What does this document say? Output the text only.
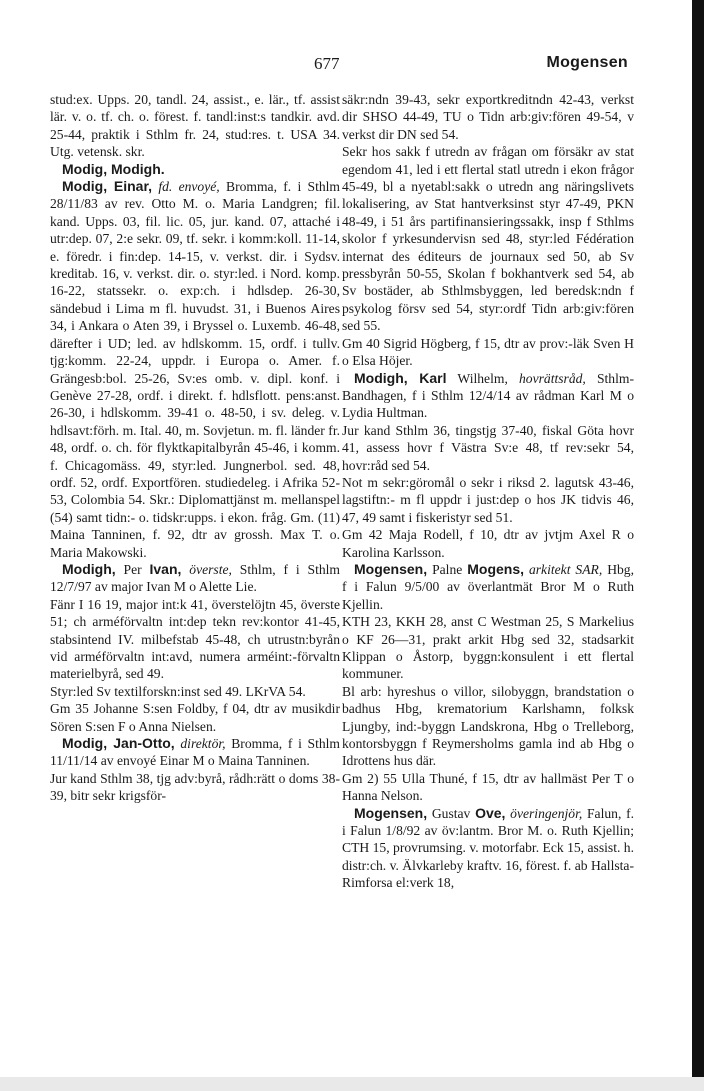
677	Mogensen

stud:ex. Upps. 20, tandl. 24, assist., e. lär., tf. assist lär. v. o. tf. ch. o. förest. f. tandl:inst:s tandkir. avd. 25-44, praktik i Sthlm fr. 24, stud:res. t. USA 34. Utg. vetensk. skr.

Modig, Modigh.

Modig, Einar, fd. envoyé, Bromma, f. i Sthlm 28/11/83 av rev. Otto M. o. Maria Landgren; fil. kand. Upps. 03, fil. lic. 05, jur. kand. 07, attaché i utr:dep. 07, 2:e sekr. 09, tf. sekr. i komm:koll. 11-14, e. föredr. i fin:dep. 14-15, v. verkst. dir. i Sydsv. kreditab. 16, v. verkst. dir. o. styr:led. i Nord. komp. 16-22, statssekr. o. exp:ch. i hdlsdep. 26-30, sändebud i Lima m fl. huvudst. 31, i Buenos Aires 34, i Ankara o Aten 39, i Bryssel o. Luxemb. 46-48, därefter i UD; led. av hdlskomm. 15, ordf. i tullv. tjg:komm. 22-24, uppdr. i Europa o. Amer. f. Grängesb:bol. 25-26, Sv:es omb. v. dipl. konf. i Genève 27-28, ordf. i direkt. f. hdlsflott. pens:anst. 26-30, i hdlskomm. 39-41 o. 48-50, i sv. deleg. v. hdlsavt:förh. m. Ital. 40, m. Sovjetun. m. fl. länder fr. 48, ordf. o. ch. för flyktkapitalbyrån 45-46, i komm. f. Chicagomäss. 49, styr:led. Jungnerbol. sed. 48, ordf. 52, ordf. Exportfören. studiedeleg. i Afrika 52-53, Colombia 54. Skr.: Diplomattjänst m. mellanspel (54) samt tidn:- o. tidskr:upps. i ekon. fråg. Gm. (11) Maina Tanninen, f. 92, dtr av grossh. Max T. o. Maria Makowski.

Modigh, Per Ivan, överste, Sthlm, f i Sthlm 12/7/97 av major Ivan M o Alette Lie.

Fänr I 16 19, major int:k 41, överstelöjtn 45, överste 51; ch arméförvaltn int:dep tekn rev:kontor 41-45, stabsintend IV. milbefstab 45-48, ch utrustn:byrån vid arméförvaltn int:avd, numera arméint:-förvaltn materielbyrå, sed 49.

Styr:led Sv textilforskn:inst sed 49. LKrVA 54.

Gm 35 Johanne S:sen Foldby, f 04, dtr av musikdir Sören S:sen F o Anna Nielsen.

Modig, Jan-Otto, direktör, Bromma, f i Sthlm 11/11/14 av envoyé Einar M o Maina Tanninen.

Jur kand Sthlm 38, tjg adv:byrå, rådh:rätt o doms 38-39, bitr sekr krigsför-

säkr:ndn 39-43, sekr exportkreditndn 42-43, verkst dir SHSO 44-49, TU o Tidn arb:giv:fören 49-54, v verkst dir DN sed 54.

Sekr hos sakk f utredn av frågan om försäkr av stat egendom 41, led i ett flertal statl utredn i ekon frågor 45-49, bl a nyetabl:sakk o utredn ang näringslivets lokalisering, av Stat hantverksinst styr 47-49, PKN 48-49, i 51 års partifinansieringssakk, insp f Sthlms skolor f yrkesundervisn sed 48, styr:led Fédération internat des éditeurs de journaux sed 50, ab Sv pressbyrån 50-55, Skolan f bokhantverk sed 54, ab Sv bostäder, ab Sthlmsbyggen, led beredsk:ndn f psykolog försv sed 54, styr:ordf Tidn arb:giv:fören sed 55.

Gm 40 Sigrid Högberg, f 15, dtr av prov:-läk Sven H o Elsa Höjer.

Modigh, Karl Wilhelm, hovrättsråd, Sthlm-Bandhagen, f i Sthlm 12/4/14 av rådman Karl M o Lydia Hultman.

Jur kand Sthlm 36, tingstjg 37-40, fiskal Göta hovr 41, assess hovr f Västra Sv:e 48, tf rev:sekr 54, hovr:råd sed 54.

Not m sekr:göromål o sekr i riksd 2. lagutsk 43-46, lagstiftn:- m fl uppdr i just:dep o hos JK tidvis 46, 47, 49 samt i fiskeristyr sed 51.

Gm 42 Maja Rodell, f 10, dtr av jvtjm Axel R o Karolina Karlsson.

Mogensen, Palne Mogens, arkitekt SAR, Hbg, f i Falun 9/5/00 av överlantmät Bror M o Ruth Kjellin.

KTH 23, KKH 28, anst C Westman 25, S Markelius o KF 26—31, prakt arkit Hbg sed 32, stadsarkit Klippan o Åstorp, byggn:konsulent i ett flertal kommuner.

Bl arb: hyreshus o villor, silobyggn, brandstation o badhus Hbg, krematorium Karlshamn, folksk Ljungby, ind:-byggn Landskrona, Hbg o Trelleborg, kontorsbyggn f Reymersholms gamla ind ab Hbg o Idrottens hus där.

Gm 2) 55 Ulla Thuné, f 15, dtr av hallmäst Per T o Hanna Nelson.

Mogensen, Gustav Ove, överingenjör, Falun, f. i Falun 1/8/92 av öv:lantm. Bror M. o. Ruth Kjellin; CTH 15, provrumsing. v. motorfabr. Eck 15, assist. h. distr:ch. v. Älvkarleby kraftv. 16, förest. f. ab Hallsta-Rimforsa el:verk 18,
